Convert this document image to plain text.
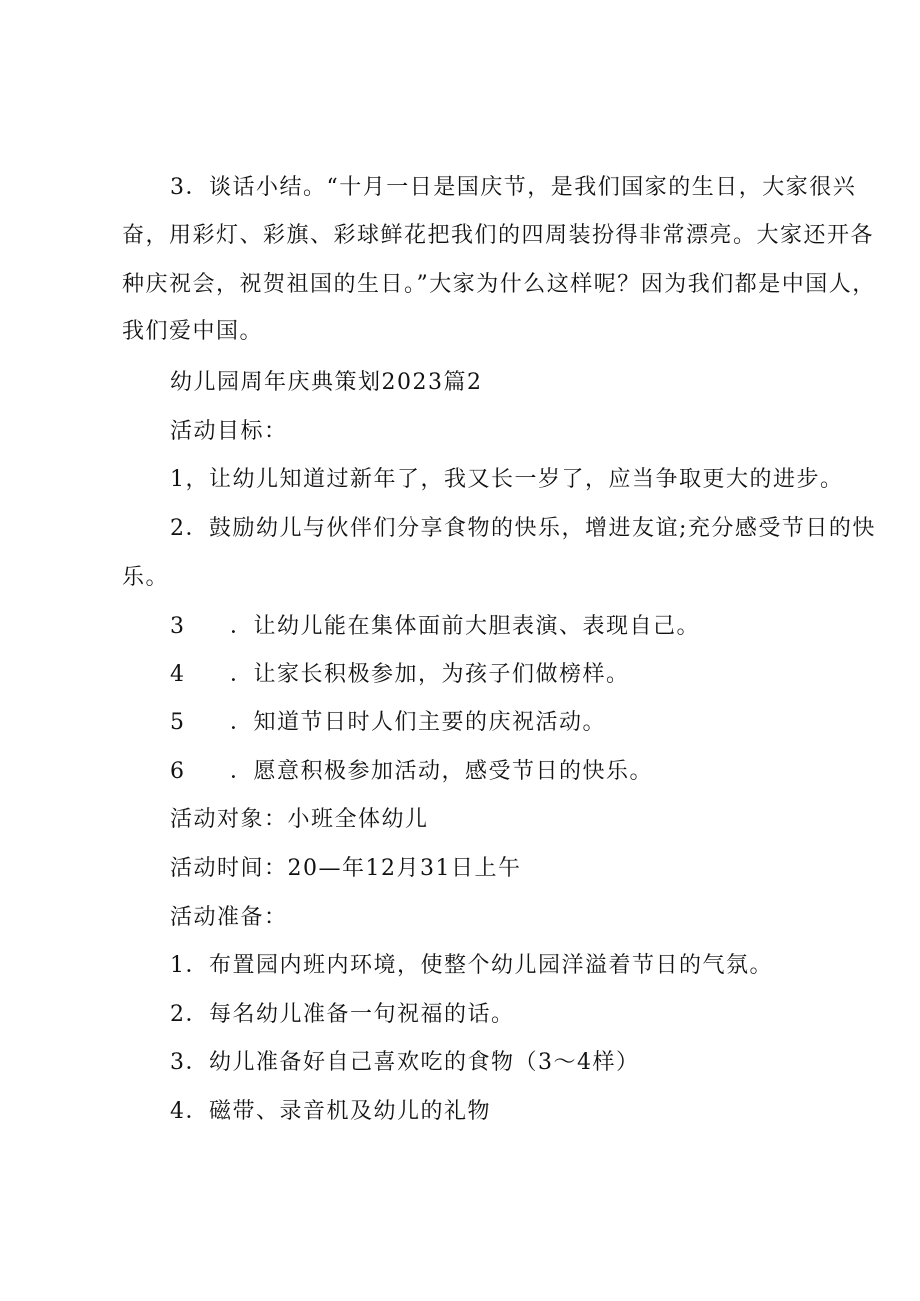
3．谈话小结。“十月一日是国庆节，是我们国家的生日，大家很兴
奋，用彩灯、彩旗、彩球鲜花把我们的四周装扮得非常漂亮。大家还开各
种庆祝会，祝贺祖国的生日。”大家为什么这样呢？因为我们都是中国人，
我们爱中国。
幼儿园周年庆典策划2023篇2
活动目标：
1，让幼儿知道过新年了，我又长一岁了，应当争取更大的进步。
2．鼓励幼儿与伙伴们分享食物的快乐，增进友谊;充分感受节日的快
乐。
3 ．让幼儿能在集体面前大胆表演、表现自己。
4 ．让家长积极参加，为孩子们做榜样。
5 ．知道节日时人们主要的庆祝活动。
6 ．愿意积极参加活动，感受节日的快乐。
活动对象：小班全体幼儿
活动时间：20—年12月31日上午
活动准备：
1．布置园内班内环境，使整个幼儿园洋溢着节日的气氛。
2．每名幼儿准备一句祝福的话。
3．幼儿准备好自己喜欢吃的食物（3～4样）
4．磁带、录音机及幼儿的礼物
